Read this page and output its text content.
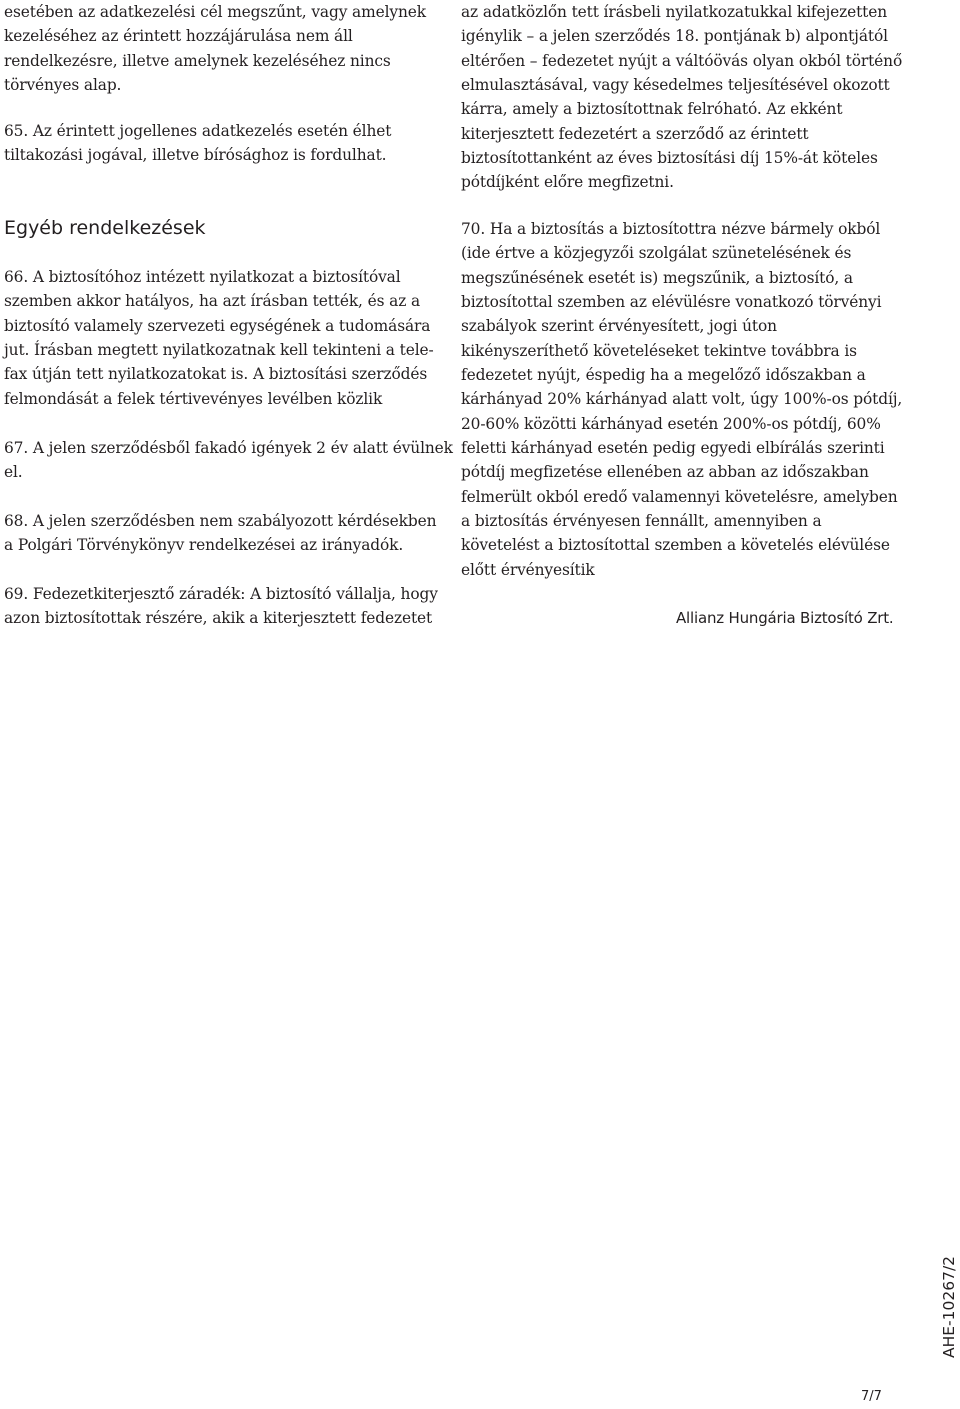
esetében az adatkezelési cél megszűnt, vagy amelynek
kezeléséhez az érintett hozzájárulása nem áll
rendelkezésre, illetve amelynek kezeléséhez nincs
törvényes alap.

65. Az érintett jogellenes adatkezelés esetén élhet
tiltakozási jogával, illetve bírósághoz is fordulhat.

Egyéb rendelkezések

66. A biztosítóhoz intézett nyilatkozat a biztosítóval
szemben akkor hatályos, ha azt írásban tették, és az a
biztosító valamely szervezeti egységének a tudomására
jut. Írásban megtett nyilatkozatnak kell tekinteni a tele-
fax útján tett nyilatkozatokat is. A biztosítási szerződés
felmondását a felek tértivevényes levélben közlik

67. A jelen szerződésből fakadó igények 2 év alatt évülnek
el.

68. A jelen szerződésben nem szabályozott kérdésekben
a Polgári Törvénykönyv rendelkezései az irányadók.

69. Fedezetkiterjesztő záradék: A biztosító vállalja, hogy
azon biztosítottak részére, akik a kiterjesztett fedezetet

az adatközlőn tett írásbeli nyilatkozatukkal kifejezetten
igénylik – a jelen szerződés 18. pontjának b) alpontjától
eltérően – fedezetet nyújt a váltóövás olyan okból történő
elmulasztásával, vagy késedelmes teljesítésével okozott
kárra, amely a biztosítottnak felróható. Az ekként
kiterjesztett fedezetért a szerződő az érintett
biztosítottanként az éves biztosítási díj 15%-át köteles
pótdíjként előre megfizetni.

70. Ha a biztosítás a biztosítottra nézve bármely okból
(ide értve a közjegyzői szolgálat szünetelésének és
megszűnésének esetét is) megszűnik, a biztosító, a
biztosítottal szemben az elévülésre vonatkozó törvényi
szabályok szerint érvényesített, jogi úton
kikényszeríthető követeléseket tekintve továbbra is
fedezetet nyújt, éspedig ha a megelőző időszakban a
kárhányad 20% kárhányad alatt volt, úgy 100%-os pótdíj,
20-60% közötti kárhányad esetén 200%-os pótdíj, 60%
feletti kárhányad esetén pedig egyedi elbírálás szerinti
pótdíj megfizetése ellenében az abban az időszakban
felmerült okból eredő valamennyi követelésre, amelyben
a biztosítás érvényesen fennállt, amennyiben a
követelést a biztosítottal szemben a követelés elévülése
előtt érvényesítik

Allianz Hungária Biztosító Zrt.
AHE-10267/2
7/7
